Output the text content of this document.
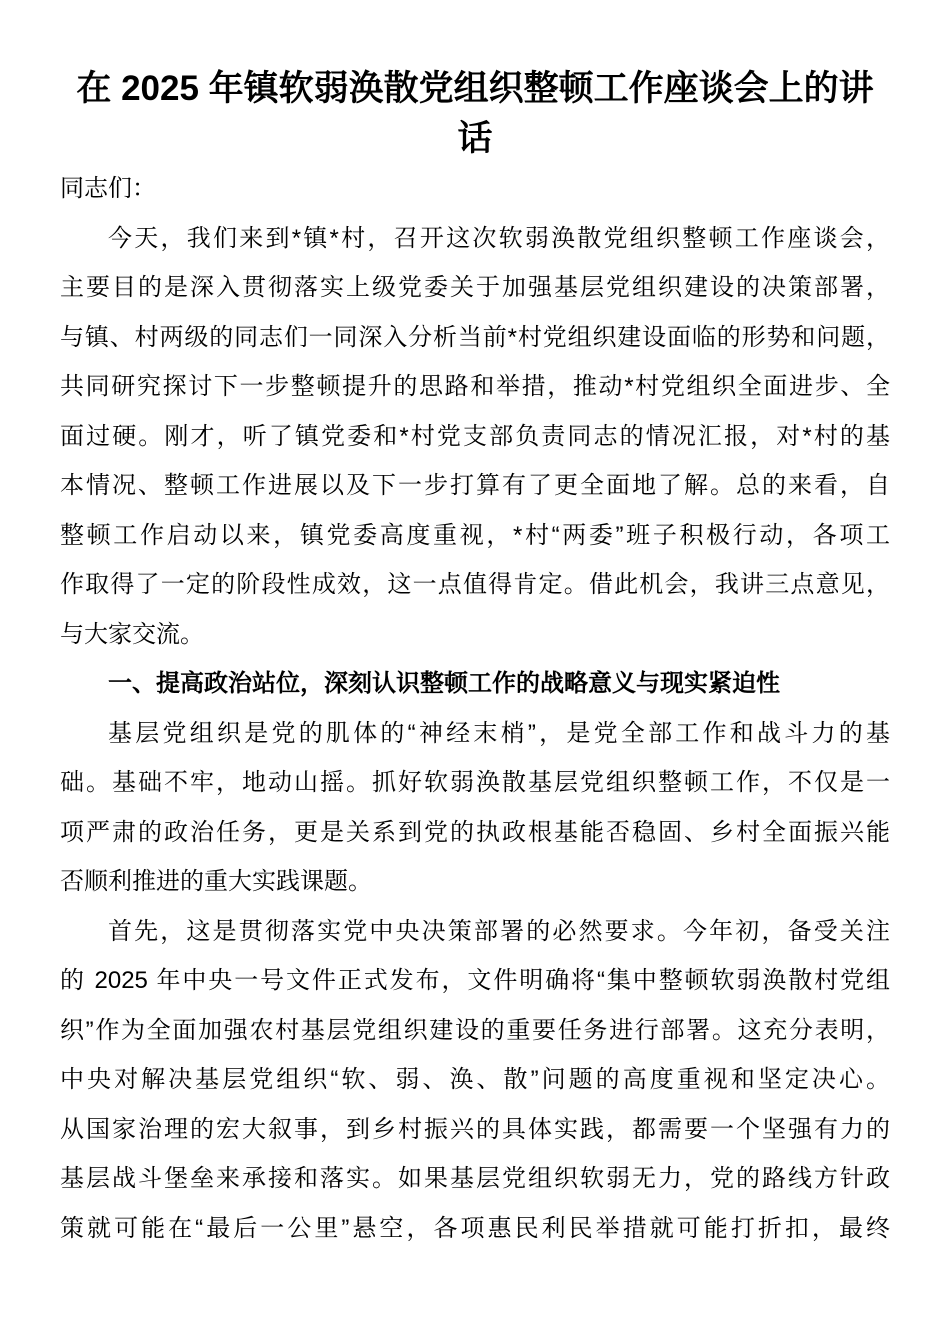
在 2025 年镇软弱涣散党组织整顿工作座谈会上的讲
话
同志们：
今天，我们来到*镇*村，召开这次软弱涣散党组织整顿工作座谈会，
主要目的是深入贯彻落实上级党委关于加强基层党组织建设的决策部署，
与镇、村两级的同志们一同深入分析当前*村党组织建设面临的形势和问题，
共同研究探讨下一步整顿提升的思路和举措，推动*村党组织全面进步、全
面过硬。刚才，听了镇党委和*村党支部负责同志的情况汇报，对*村的基
本情况、整顿工作进展以及下一步打算有了更全面地了解。总的来看，自
整顿工作启动以来，镇党委高度重视，*村“两委”班子积极行动，各项工
作取得了一定的阶段性成效，这一点值得肯定。借此机会，我讲三点意见，
与大家交流。
一、提高政治站位，深刻认识整顿工作的战略意义与现实紧迫性
基层党组织是党的肌体的“神经末梢”，是党全部工作和战斗力的基
础。基础不牢，地动山摇。抓好软弱涣散基层党组织整顿工作，不仅是一
项严肃的政治任务，更是关系到党的执政根基能否稳固、乡村全面振兴能
否顺利推进的重大实践课题。
首先，这是贯彻落实党中央决策部署的必然要求。今年初，备受关注
的 2025 年中央一号文件正式发布，文件明确将“集中整顿软弱涣散村党组
织”作为全面加强农村基层党组织建设的重要任务进行部署。这充分表明，
中央对解决基层党组织“软、弱、涣、散”问题的高度重视和坚定决心。
从国家治理的宏大叙事，到乡村振兴的具体实践，都需要一个坚强有力的
基层战斗堡垒来承接和落实。如果基层党组织软弱无力，党的路线方针政
策就可能在“最后一公里”悬空，各项惠民利民举措就可能打折扣，最终
